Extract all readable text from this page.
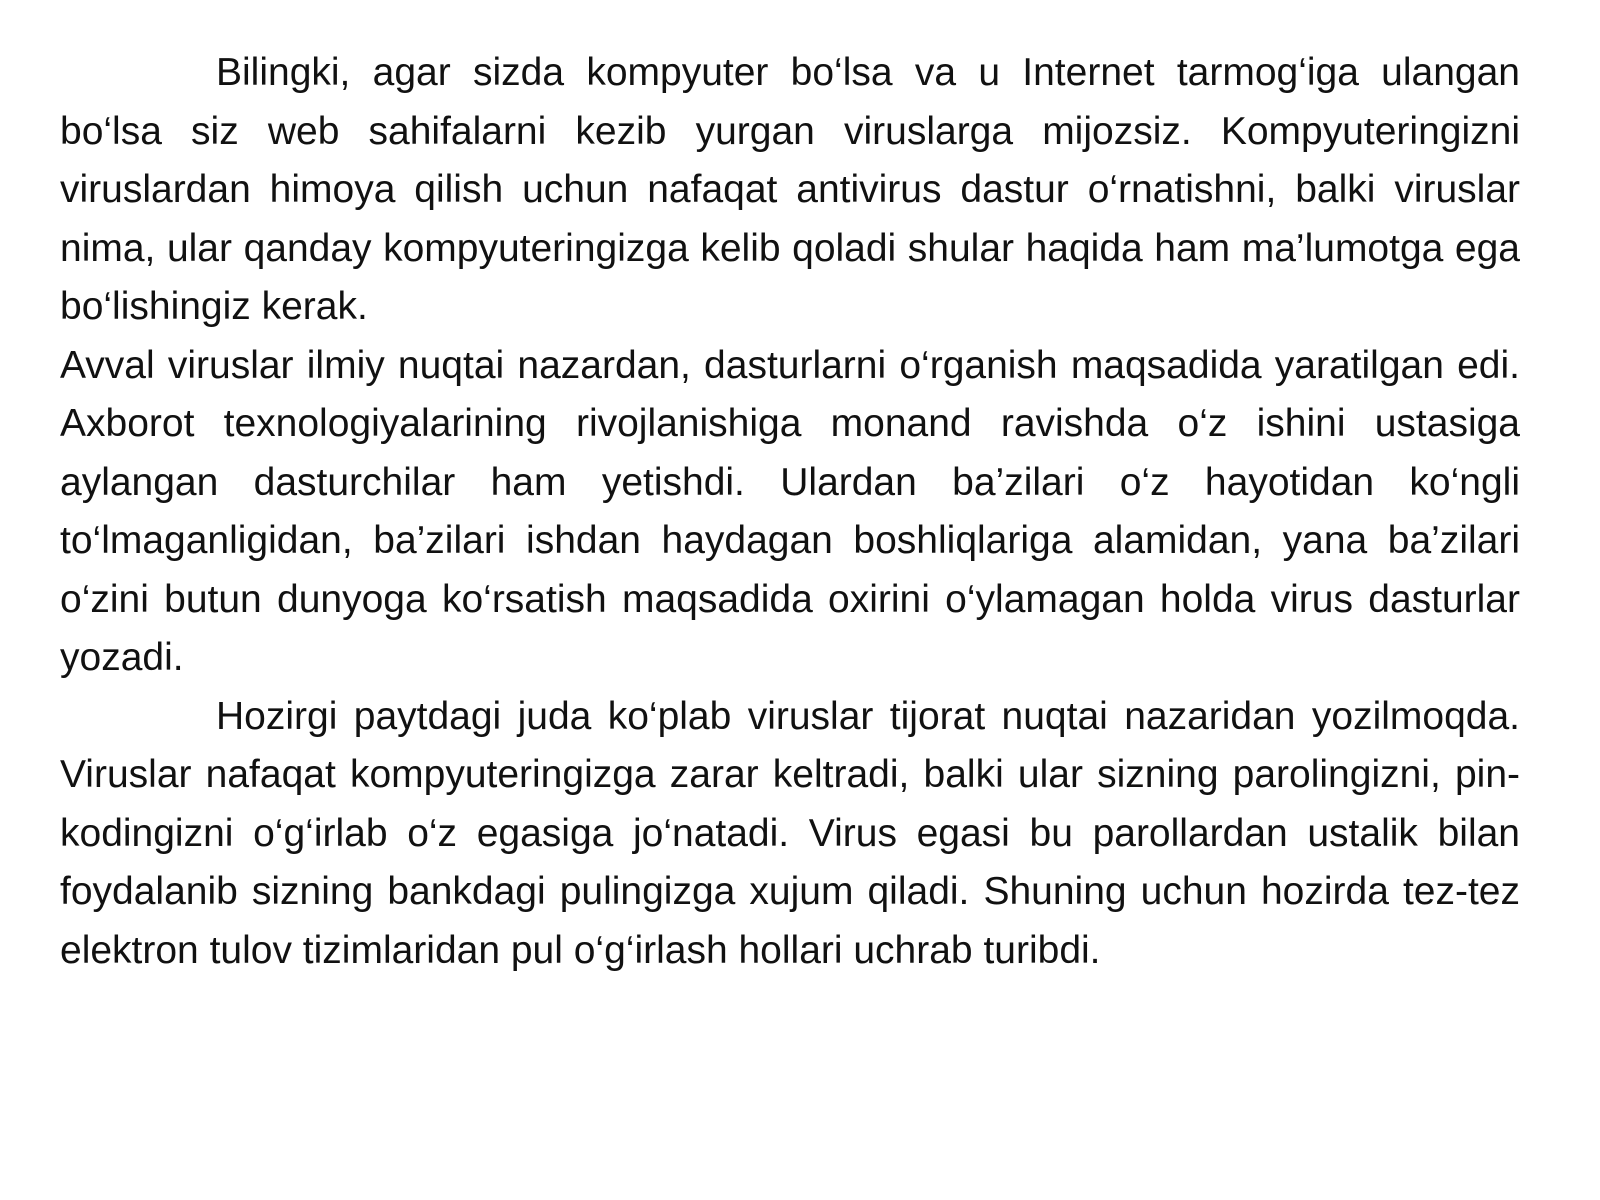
Bilingki, agar sizda kompyuter bo‘lsa va u Internet tarmog‘iga ulangan bo‘lsa siz web sahifalarni kezib yurgan viruslarga mijozsiz. Kompyuteringizni viruslardan himoya qilish uchun nafaqat antivirus dastur o‘rnatishni, balki viruslar nima, ular qanday kompyuteringizga kelib qoladi shular haqida ham ma’lumotga ega bo‘lishingiz kerak.

Avval viruslar ilmiy nuqtai nazardan, dasturlarni o‘rganish maqsadida yaratilgan edi. Axborot texnologiyalarining rivojlanishiga monand ravishda o‘z ishini ustasiga aylangan dasturchilar ham yetishdi. Ulardan ba’zilari o‘z hayotidan ko‘ngli to‘lmaganligidan, ba’zilari ishdan haydagan boshliqlariga alamidan, yana ba’zilari o‘zini butun dunyoga ko‘rsatish maqsadida oxirini o‘ylamagan holda virus dasturlar yozadi.

Hozirgi paytdagi juda ko‘plab viruslar tijorat nuqtai nazaridan yozilmoqda. Viruslar nafaqat kompyuteringizga zarar keltradi, balki ular sizning parolingizni, pin-kodingizni o‘g‘irlab o‘z egasiga jo‘natadi. Virus egasi bu parollardan ustalik bilan foydalanib sizning bankdagi pulingizga xujum qiladi. Shuning uchun hozirda tez-tez elektron tulov tizimlaridan pul o‘g‘irlash hollari uchrab turibdi.
